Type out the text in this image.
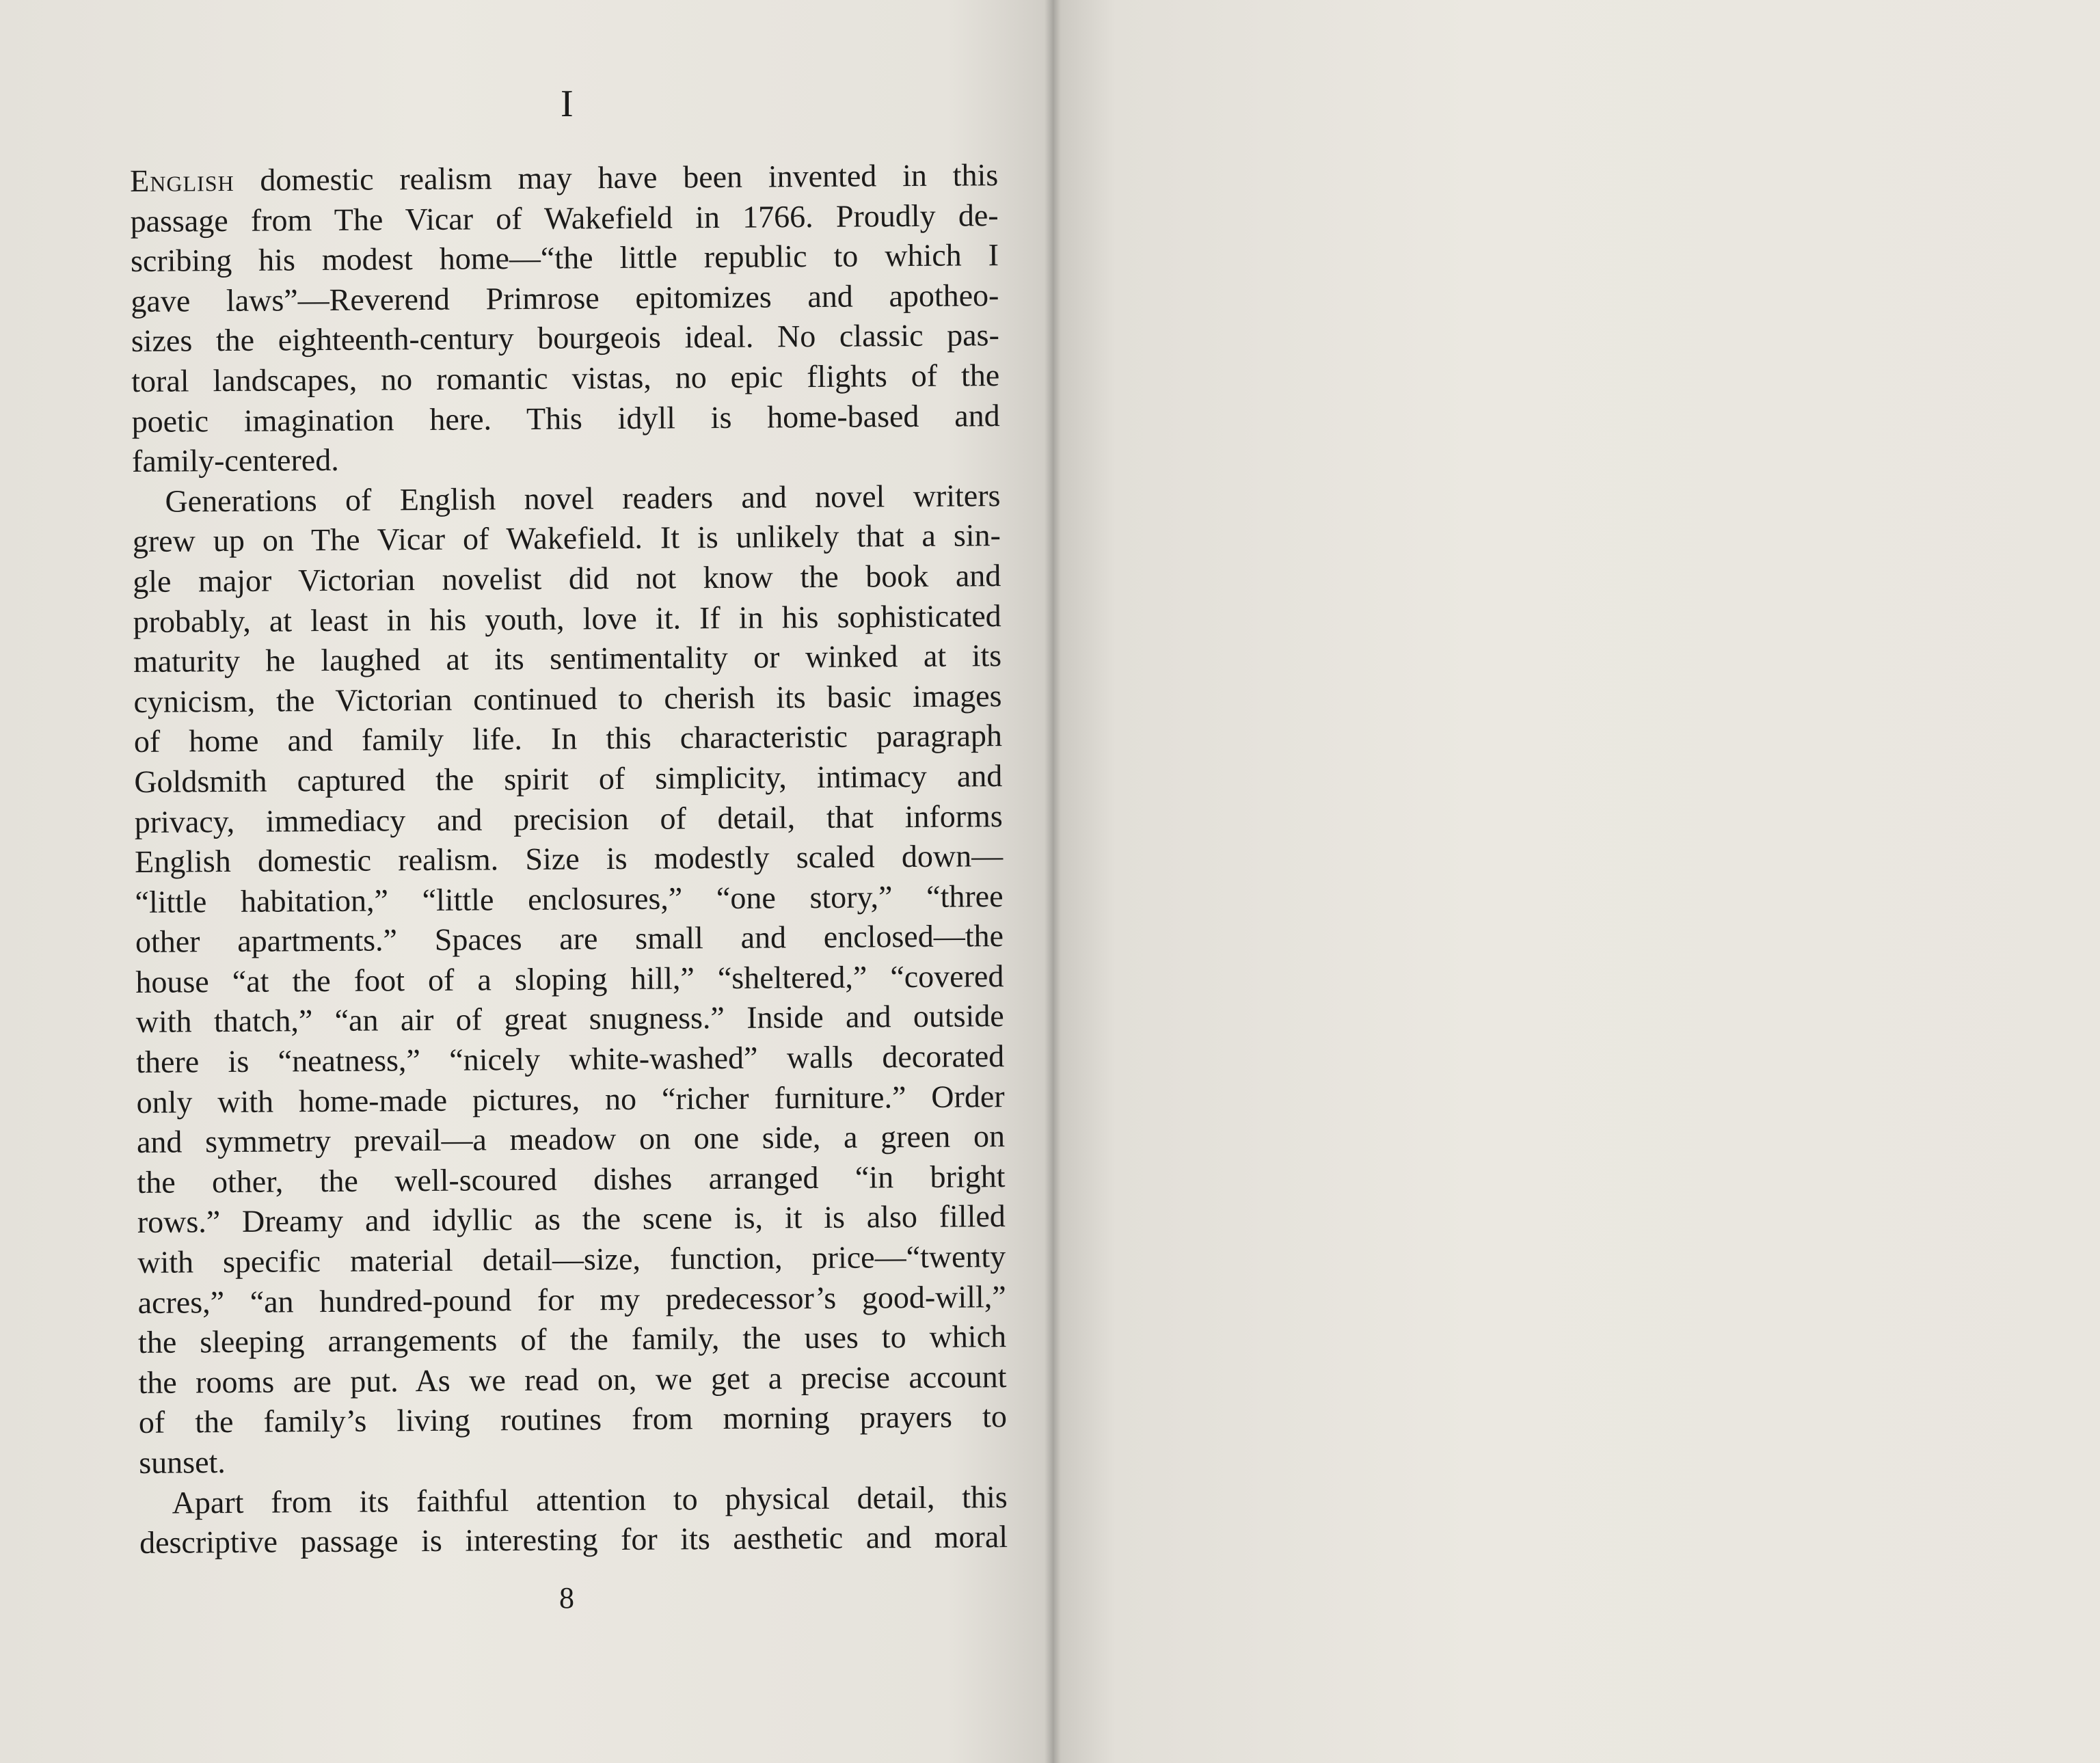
I
English domestic realism may have been invented in this
passage from The Vicar of Wakefield in 1766. Proudly de-
scribing his modest home—“the little republic to which I
gave laws”—Reverend Primrose epitomizes and apotheo-
sizes the eighteenth-century bourgeois ideal. No classic pas-
toral landscapes, no romantic vistas, no epic flights of the
poetic imagination here. This idyll is home-based and
family-centered.
Generations of English novel readers and novel writers
grew up on The Vicar of Wakefield. It is unlikely that a sin-
gle major Victorian novelist did not know the book and
probably, at least in his youth, love it. If in his sophisticated
maturity he laughed at its sentimentality or winked at its
cynicism, the Victorian continued to cherish its basic images
of home and family life. In this characteristic paragraph
Goldsmith captured the spirit of simplicity, intimacy and
privacy, immediacy and precision of detail, that informs
English domestic realism. Size is modestly scaled down—
“little habitation,” “little enclosures,” “one story,” “three
other apartments.” Spaces are small and enclosed—the
house “at the foot of a sloping hill,” “sheltered,” “covered
with thatch,” “an air of great snugness.” Inside and outside
there is “neatness,” “nicely white-washed” walls decorated
only with home-made pictures, no “richer furniture.” Order
and symmetry prevail—a meadow on one side, a green on
the other, the well-scoured dishes arranged “in bright
rows.” Dreamy and idyllic as the scene is, it is also filled
with specific material detail—size, function, price—“twenty
acres,” “an hundred-pound for my predecessor’s good-will,”
the sleeping arrangements of the family, the uses to which
the rooms are put. As we read on, we get a precise account
of the family’s living routines from morning prayers to
sunset.
Apart from its faithful attention to physical detail, this
descriptive passage is interesting for its aesthetic and moral
8
